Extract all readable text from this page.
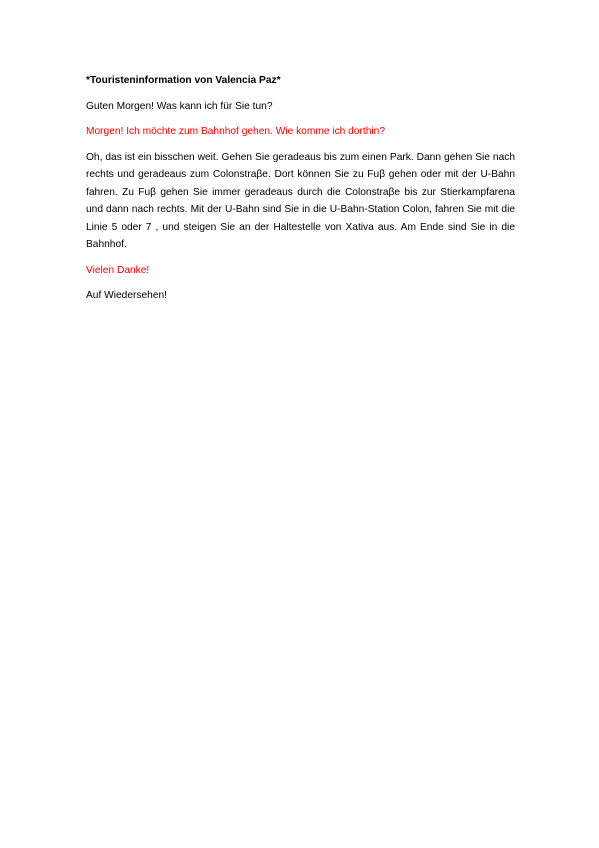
*Touristeninformation von Valencia Paz*

Guten Morgen! Was kann ich für Sie tun?

Morgen! Ich möchte zum Bahnhof gehen. Wie komme ich dorthin?

Oh, das ist ein bisschen weit. Gehen Sie geradeaus bis zum einen Park. Dann gehen Sie nach rechts und geradeaus zum Colonstraβe. Dort können Sie zu Fuβ gehen oder mit der U-Bahn fahren. Zu Fuβ gehen Sie immer geradeaus durch die Colonstraβe bis zur Stierkampfarena und dann nach rechts. Mit der U-Bahn sind Sie in die U-Bahn-Station Colon, fahren Sie mit die Linie 5 oder 7 , und steigen Sie an der Haltestelle von Xativa aus. Am Ende sind Sie in die Bahnhof.

Vielen Danke!

Auf Wiedersehen!
